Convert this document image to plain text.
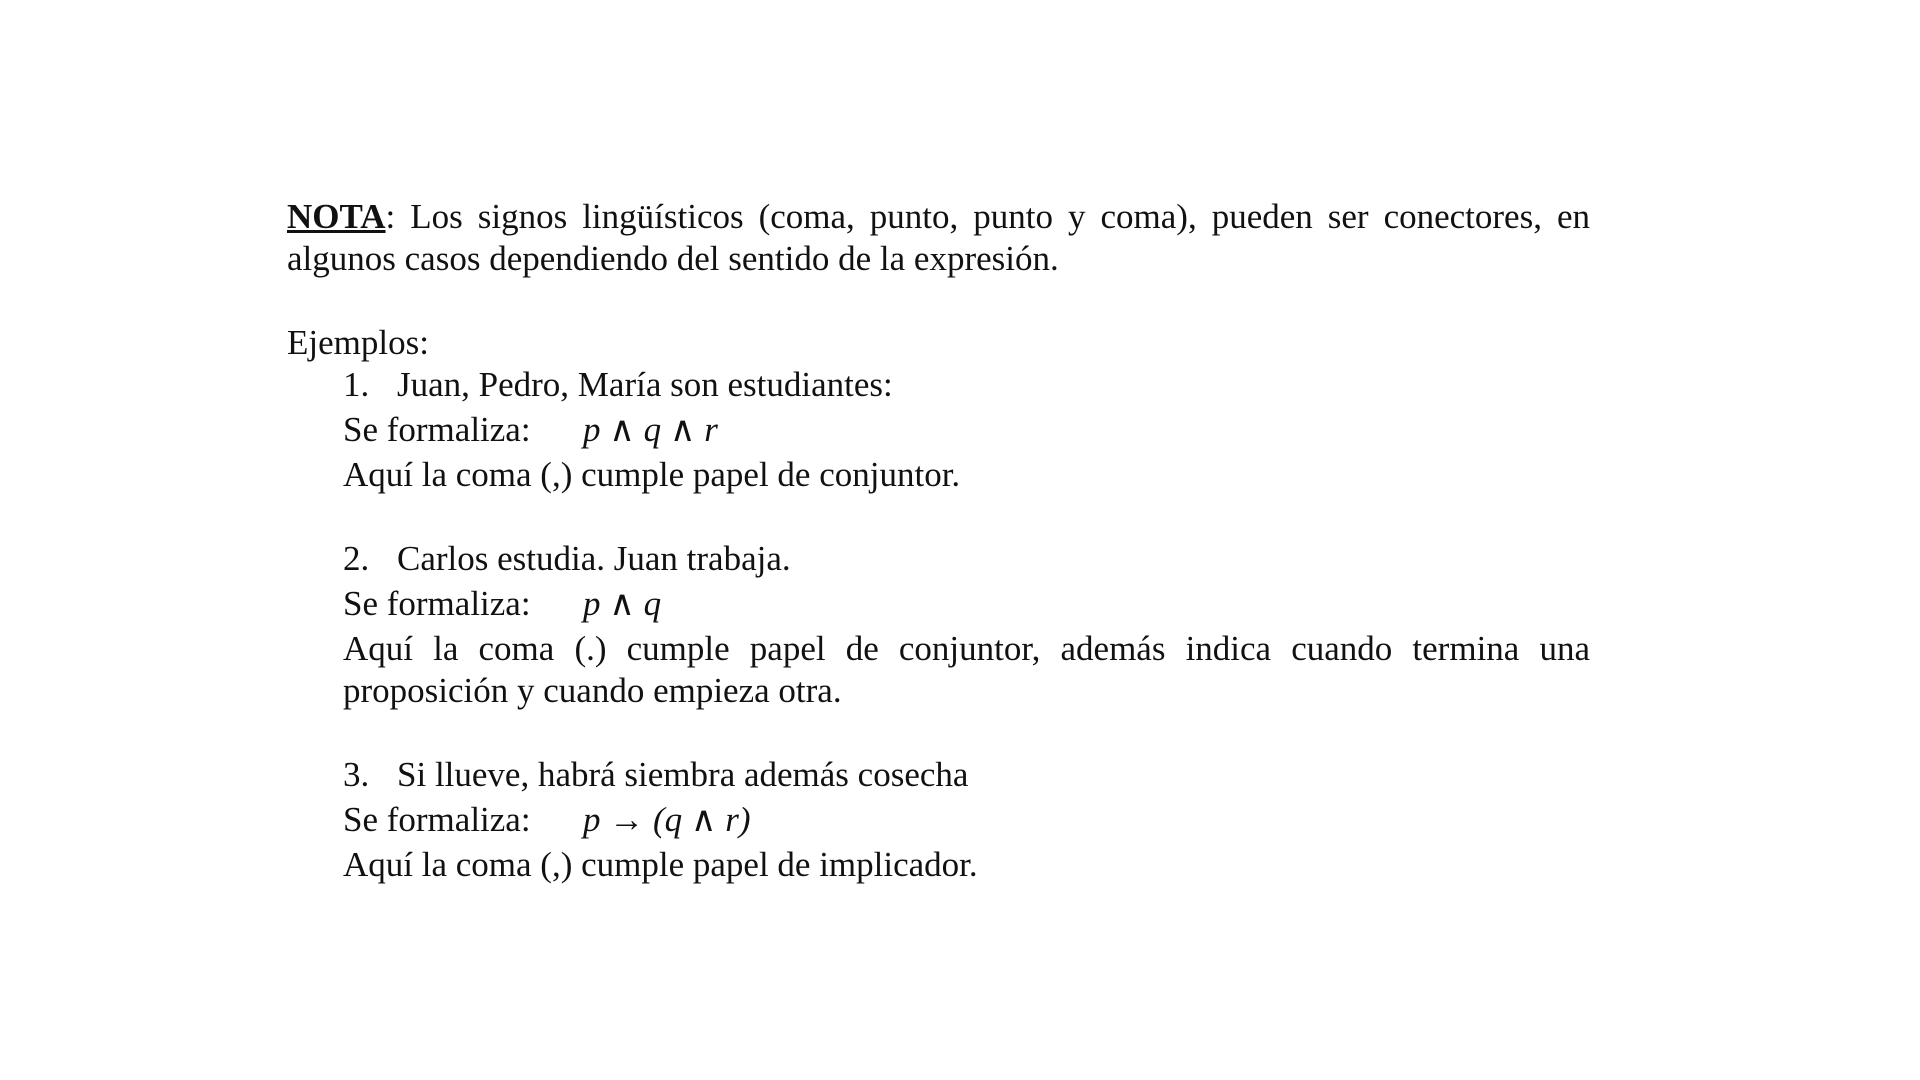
NOTA: Los signos lingüísticos (coma, punto, punto y coma), pueden ser conectores, en algunos casos dependiendo del sentido de la expresión.

Ejemplos:

1. Juan, Pedro, María son estudiantes:

Se formaliza: p ∧ q ∧ r

Aquí la coma (,) cumple papel de conjuntor.

2. Carlos estudia. Juan trabaja.

Se formaliza: p ∧ q

Aquí la coma (.) cumple papel de conjuntor, además indica cuando termina una proposición y cuando empieza otra.

3. Si llueve, habrá siembra además cosecha

Se formaliza: p → (q ∧ r)

Aquí la coma (,) cumple papel de implicador.
